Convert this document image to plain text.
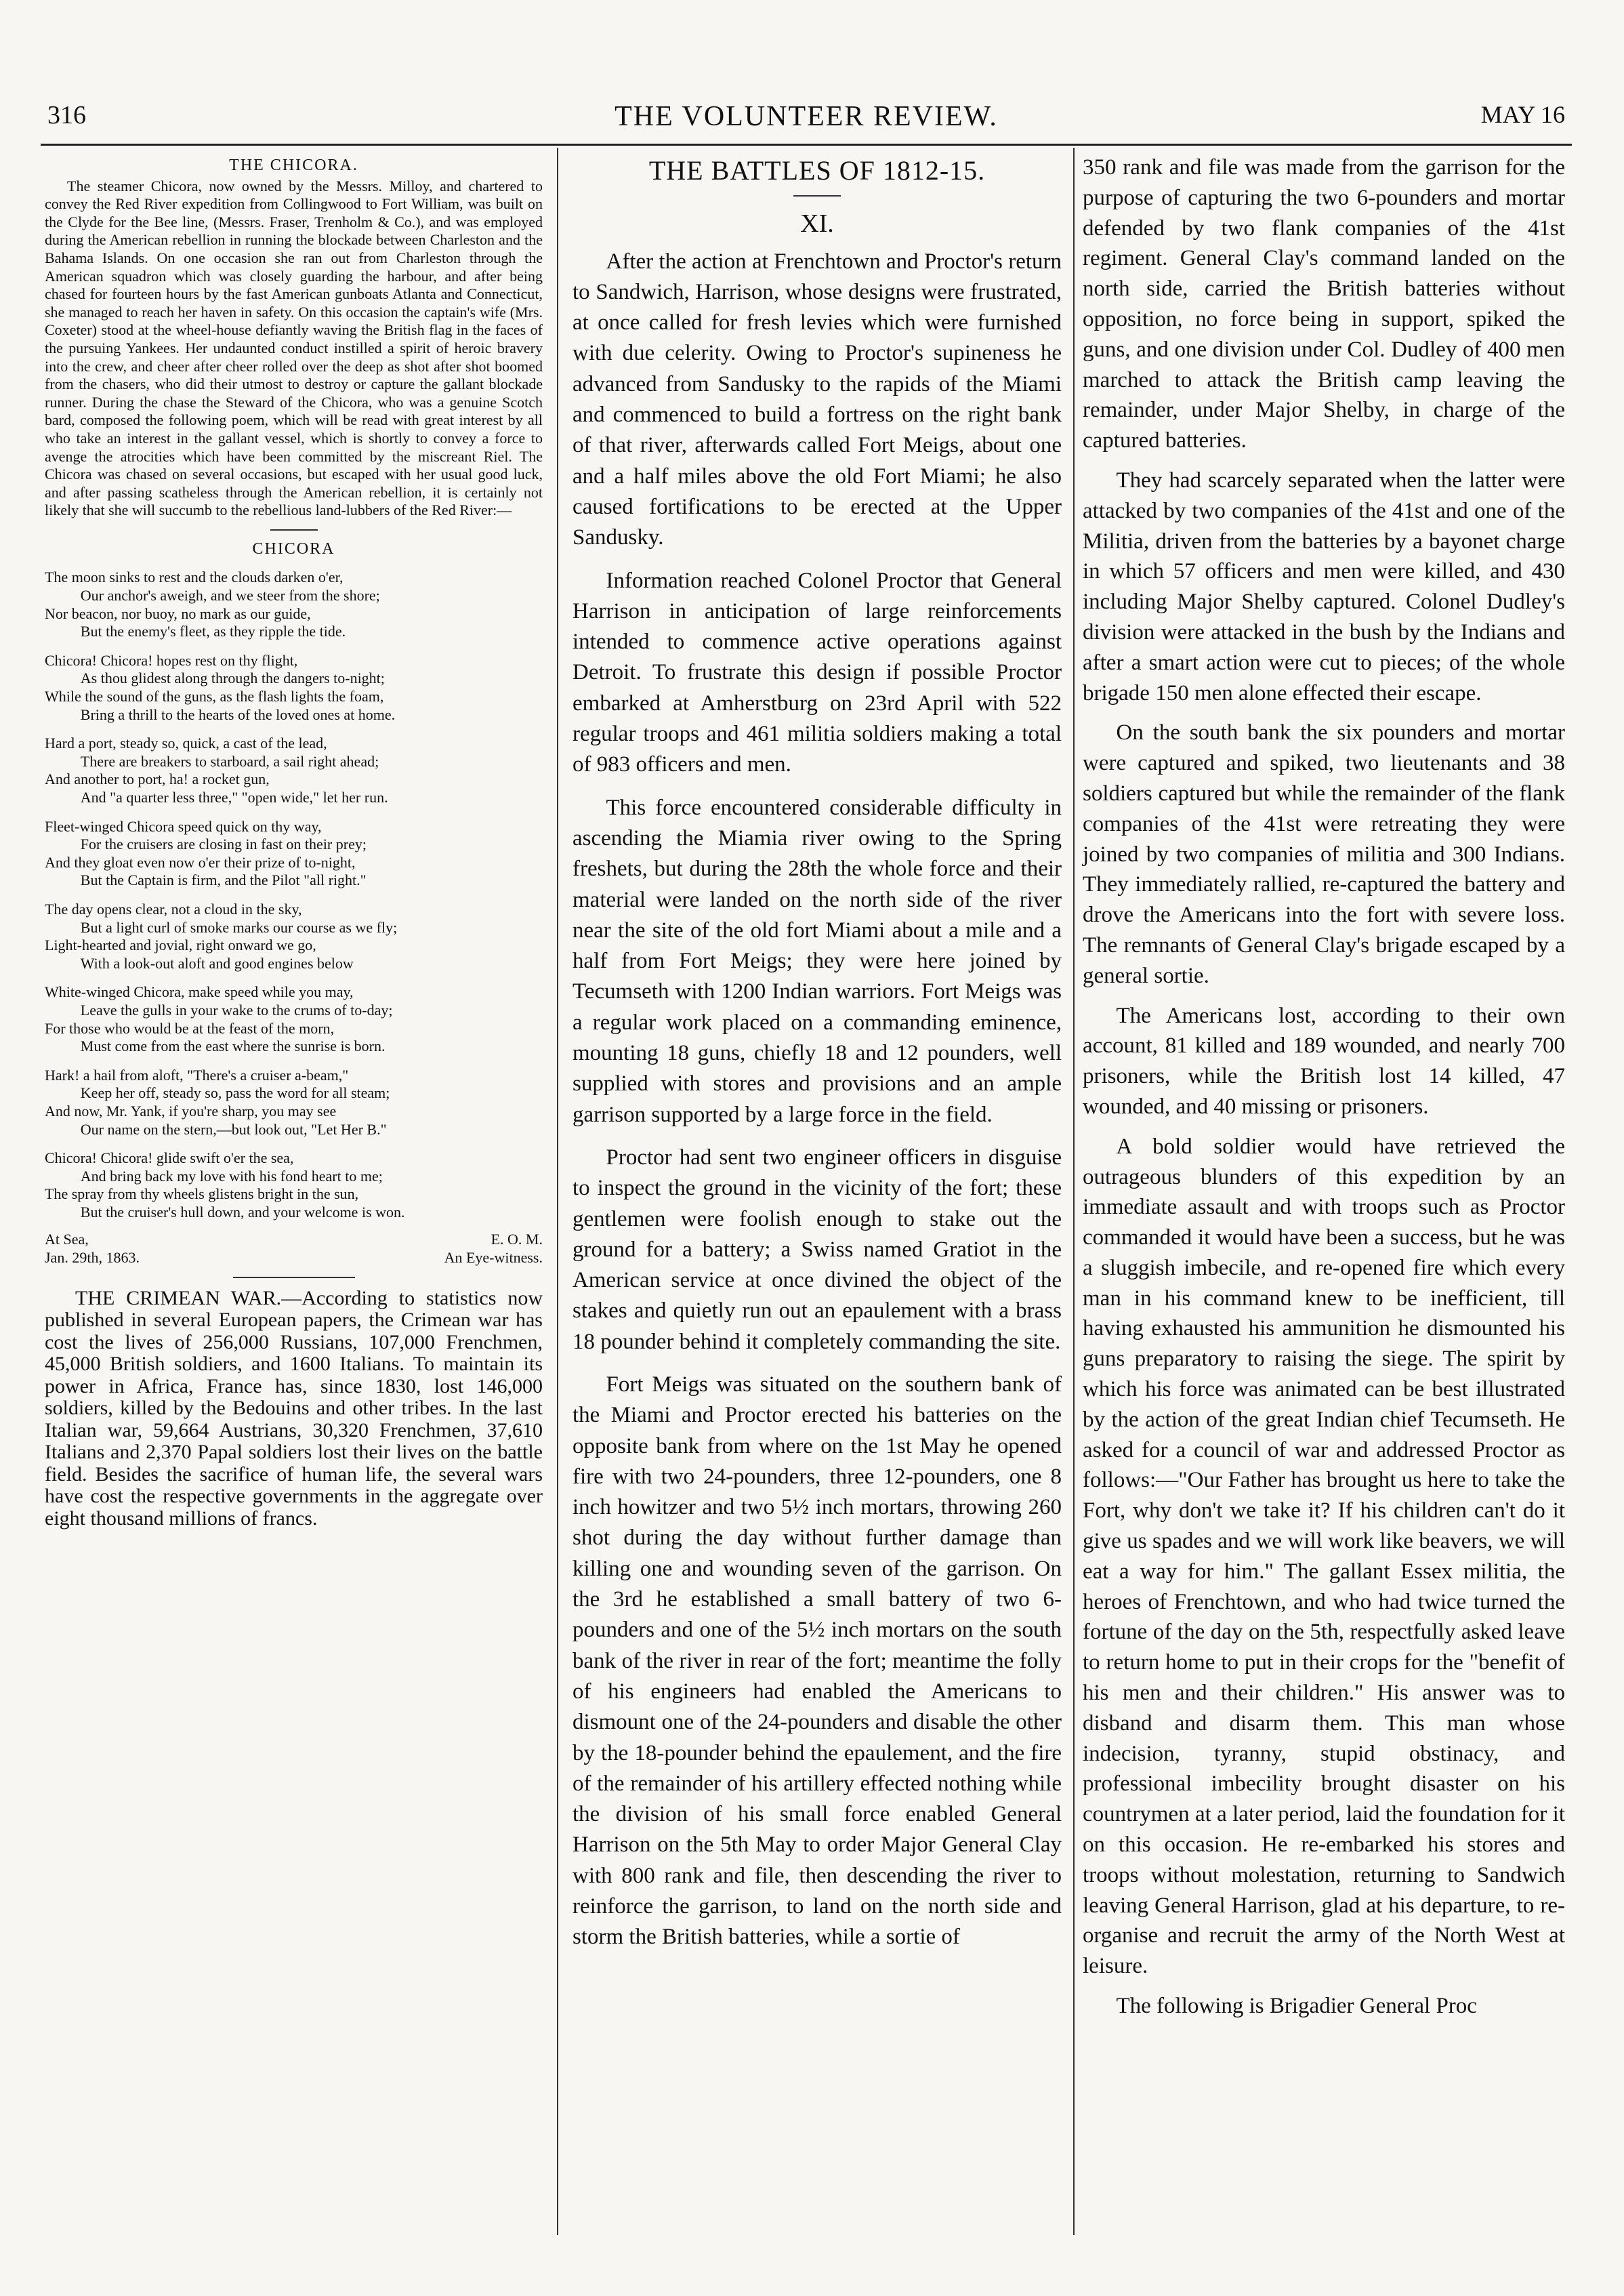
316	THE VOLUNTEER REVIEW.	MAY 16
THE CHICORA.

The steamer Chicora, now owned by the Messrs. Milloy, and chartered to convey the Red River expedition from Collingwood to Fort William, was built on the Clyde for the Bee line, (Messrs. Fraser, Trenholm & Co.), and was employed during the American rebellion in running the blockade between Charleston and the Bahama Islands. On one occasion she ran out from Charleston through the American squadron which was closely guarding the harbour, and after being chased for fourteen hours by the fast American gunboats Atlanta and Connecticut, she managed to reach her haven in safety. On this occasion the captain's wife (Mrs. Coxeter) stood at the wheel-house defiantly waving the British flag in the faces of the pursuing Yankees. Her undaunted conduct instilled a spirit of heroic bravery into the crew, and cheer after cheer rolled over the deep as shot after shot boomed from the chasers, who did their utmost to destroy or capture the gallant blockade runner. During the chase the Steward of the Chicora, who was a genuine Scotch bard, composed the following poem, which will be read with great interest by all who take an interest in the gallant vessel, which is shortly to convey a force to avenge the atrocities which have been committed by the miscreant Riel. The Chicora was chased on several occasions, but escaped with her usual good luck, and after passing scatheless through the American rebellion, it is certainly not likely that she will succumb to the rebellious land-lubbers of the Red River:—

CHICORA
The moon sinks to rest and the clouds darken o'er,
Our anchor's aweigh, and we steer from the shore;
Nor beacon, nor buoy, no mark as our guide,
But the enemy's fleet, as they ripple the tide.
Chicora! Chicora! hopes rest on thy flight,
As thou glidest along through the dangers to-night;
While the sound of the guns, as the flash lights the foam,
Bring a thrill to the hearts of the loved ones at home.
Hard a port, steady so, quick, a cast of the lead,
There are breakers to starboard, a sail right ahead;
And another to port, ha! a rocket gun,
And "a quarter less three," "open wide," let her run.
Fleet-winged Chicora speed quick on thy way,
For the cruisers are closing in fast on their prey;
And they gloat even now o'er their prize of to-night,
But the Captain is firm, and the Pilot "all right."
The day opens clear, not a cloud in the sky,
But a light curl of smoke marks our course as we fly;
Light-hearted and jovial, right onward we go,
With a look-out aloft and good engines below
White-winged Chicora, make speed while you may,
Leave the gulls in your wake to the crums of to-day;
For those who would be at the feast of the morn,
Must come from the east where the sunrise is born.
Hark! a hail from aloft, "There's a cruiser a-beam,"
Keep her off, steady so, pass the word for all steam;
And now, Mr. Yank, if you're sharp, you may see
Our name on the stern,—but look out, "Let Her B."
Chicora! Chicora! glide swift o'er the sea,
And bring back my love with his fond heart to me;
The spray from thy wheels glistens bright in the sun,
But the cruiser's hull down, and your welcome is won.
At Sea,
Jan. 29th, 1863.
E. O. M.
An Eye-witness.

THE CRIMEAN WAR.—According to statistics now published in several European papers, the Crimean war has cost the lives of 256,000 Russians, 107,000 Frenchmen, 45,000 British soldiers, and 1600 Italians. To maintain its power in Africa, France has, since 1830, lost 146,000 soldiers, killed by the Bedouins and other tribes. In the last Italian war, 59,664 Austrians, 30,320 Frenchmen, 37,610 Italians and 2,370 Papal soldiers lost their lives on the battle field. Besides the sacrifice of human life, the several wars have cost the respective governments in the aggregate over eight thousand millions of francs.

THE BATTLES OF 1812-15.
XI.

After the action at Frenchtown and Proctor's return to Sandwich, Harrison, whose designs were frustrated, at once called for fresh levies which were furnished with due celerity. Owing to Proctor's supineness he advanced from Sandusky to the rapids of the Miami and commenced to build a fortress on the right bank of that river, afterwards called Fort Meigs, about one and a half miles above the old Fort Miami; he also caused fortifications to be erected at the Upper Sandusky.

Information reached Colonel Proctor that General Harrison in anticipation of large reinforcements intended to commence active operations against Detroit. To frustrate this design if possible Proctor embarked at Amherstburg on 23rd April with 522 regular troops and 461 militia soldiers making a total of 983 officers and men.

This force encountered considerable difficulty in ascending the Miamia river owing to the Spring freshets, but during the 28th the whole force and their material were landed on the north side of the river near the site of the old fort Miami about a mile and a half from Fort Meigs; they were here joined by Tecumseth with 1200 Indian warriors. Fort Meigs was a regular work placed on a commanding eminence, mounting 18 guns, chiefly 18 and 12 pounders, well supplied with stores and provisions and an ample garrison supported by a large force in the field.

Proctor had sent two engineer officers in disguise to inspect the ground in the vicinity of the fort; these gentlemen were foolish enough to stake out the ground for a battery; a Swiss named Gratiot in the American service at once divined the object of the stakes and quietly run out an epaulement with a brass 18 pounder behind it completely commanding the site.

Fort Meigs was situated on the southern bank of the Miami and Proctor erected his batteries on the opposite bank from where on the 1st May he opened fire with two 24-pounders, three 12-pounders, one 8 inch howitzer and two 5½ inch mortars, throwing 260 shot during the day without further damage than killing one and wounding seven of the garrison. On the 3rd he established a small battery of two 6-pounders and one of the 5½ inch mortars on the south bank of the river in rear of the fort; meantime the folly of his engineers had enabled the Americans to dismount one of the 24-pounders and disable the other by the 18-pounder behind the epaulement, and the fire of the remainder of his artillery effected nothing while the division of his small force enabled General Harrison on the 5th May to order Major General Clay with 800 rank and file, then descending the river to reinforce the garrison, to land on the north side and storm the British batteries, while a sortie of

350 rank and file was made from the garrison for the purpose of capturing the two 6-pounders and mortar defended by two flank companies of the 41st regiment. General Clay's command landed on the north side, carried the British batteries without opposition, no force being in support, spiked the guns, and one division under Col. Dudley of 400 men marched to attack the British camp leaving the remainder, under Major Shelby, in charge of the captured batteries.

They had scarcely separated when the latter were attacked by two companies of the 41st and one of the Militia, driven from the batteries by a bayonet charge in which 57 officers and men were killed, and 430 including Major Shelby captured. Colonel Dudley's division were attacked in the bush by the Indians and after a smart action were cut to pieces; of the whole brigade 150 men alone effected their escape.

On the south bank the six pounders and mortar were captured and spiked, two lieutenants and 38 soldiers captured but while the remainder of the flank companies of the 41st were retreating they were joined by two companies of militia and 300 Indians. They immediately rallied, re-captured the battery and drove the Americans into the fort with severe loss. The remnants of General Clay's brigade escaped by a general sortie.

The Americans lost, according to their own account, 81 killed and 189 wounded, and nearly 700 prisoners, while the British lost 14 killed, 47 wounded, and 40 missing or prisoners.

A bold soldier would have retrieved the outrageous blunders of this expedition by an immediate assault and with troops such as Proctor commanded it would have been a success, but he was a sluggish imbecile, and re-opened fire which every man in his command knew to be inefficient, till having exhausted his ammunition he dismounted his guns preparatory to raising the siege. The spirit by which his force was animated can be best illustrated by the action of the great Indian chief Tecumseth. He asked for a council of war and addressed Proctor as follows:—"Our Father has brought us here to take the Fort, why don't we take it? If his children can't do it give us spades and we will work like beavers, we will eat a way for him." The gallant Essex militia, the heroes of Frenchtown, and who had twice turned the fortune of the day on the 5th, respectfully asked leave to return home to put in their crops for the "benefit of his men and their children." His answer was to disband and disarm them. This man whose indecision, tyranny, stupid obstinacy, and professional imbecility brought disaster on his countrymen at a later period, laid the foundation for it on this occasion. He re-embarked his stores and troops without molestation, returning to Sandwich leaving General Harrison, glad at his departure, to re-organise and recruit the army of the North West at leisure.

The following is Brigadier General Proc
